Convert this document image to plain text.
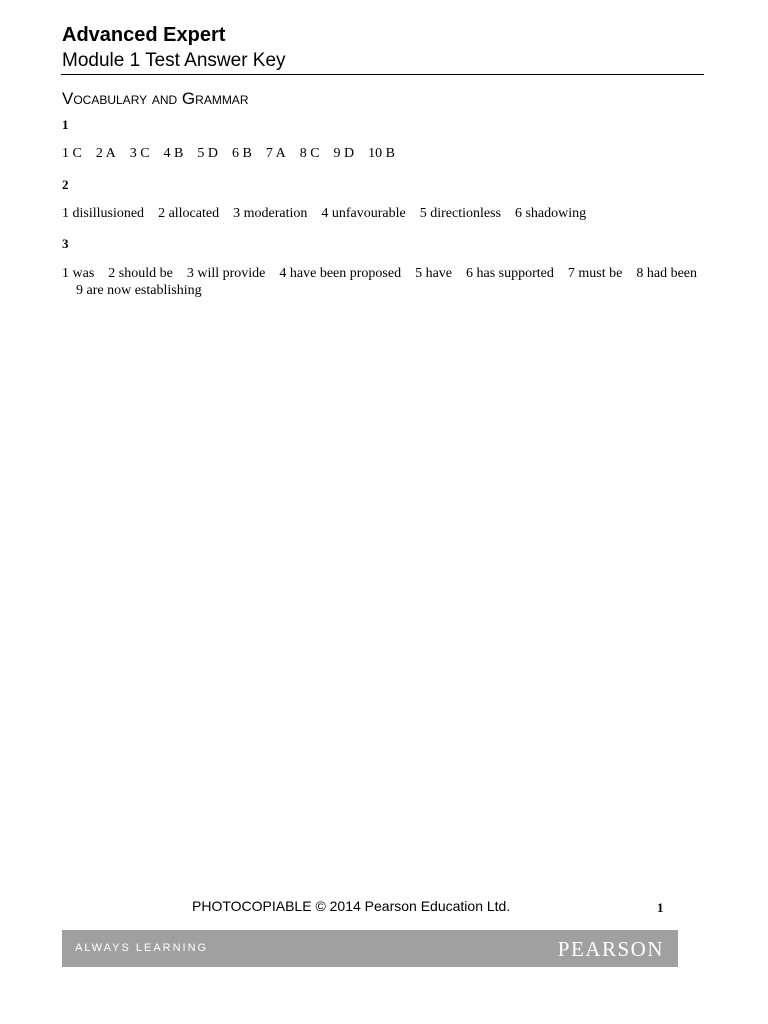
Advanced Expert
Module 1 Test Answer Key
Vocabulary and Grammar
1
1 C 2 A 3 C 4 B 5 D 6 B 7 A 8 C 9 D 10 B
2
1 disillusioned 2 allocated 3 moderation 4 unfavourable 5 directionless 6 shadowing
3
1 was 2 should be 3 will provide 4 have been proposed 5 have 6 has supported 7 must be 8 had been9 are now establishing
PHOTOCOPIABLE © 2014 Pearson Education Ltd.	1
ALWAYS LEARNING	PEARSON
